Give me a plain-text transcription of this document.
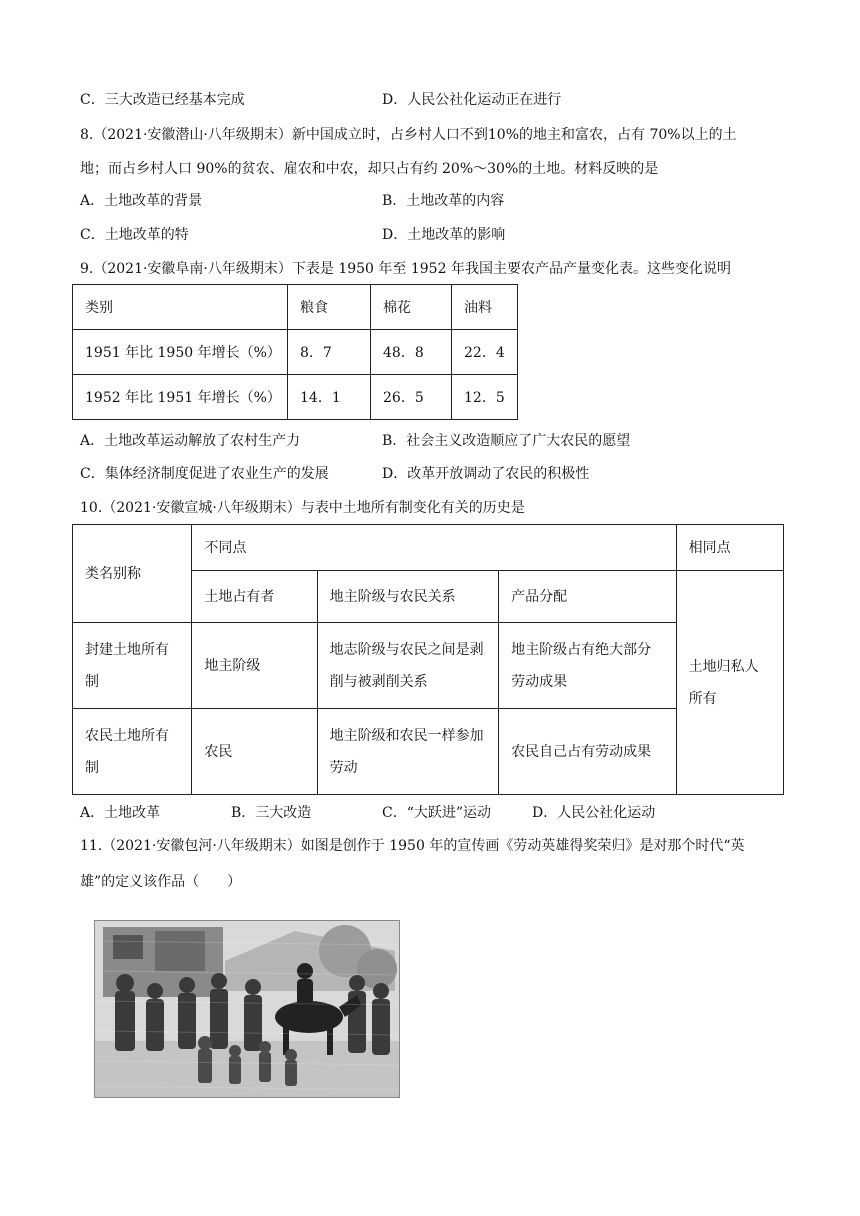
C．三大改造已经基本完成	D．人民公社化运动正在进行
8.（2021·安徽潜山·八年级期末）新中国成立时，占乡村人口不到10%的地主和富农，占有 70%以上的土
地；而占乡村人口 90%的贫农、雇农和中农，却只占有约 20%～30%的土地。材料反映的是
A．土地改革的背景	B．土地改革的内容
C．土地改革的特	D．土地改革的影响
9.（2021·安徽阜南·八年级期末）下表是 1950 年至 1952 年我国主要农产品产量变化表。这些变化说明
类别	粮食	棉花	油料
1951 年比 1950 年增长（%）	8．7	48．8	22．4
1952 年比 1951 年增长（%）	14．1	26．5	12．5
A．土地改革运动解放了农村生产力	B．社会主义改造顺应了广大农民的愿望
C．集体经济制度促进了农业生产的发展	D．改革开放调动了农民的积极性
10.（2021·安徽宣城·八年级期末）与表中土地所有制变化有关的历史是
类名别称	不同点			相同点
	土地占有者	地主阶级与农民关系	产品分配	土地归私人所有
封建土地所有制	地主阶级	地志阶级与农民之间是剥削与被剥削关系	地主阶级占有绝大部分劳动成果	
农民土地所有制	农民	地主阶级和农民一样参加劳动	农民自己占有劳动成果	
A．土地改革	B．三大改造	C．“大跃进”运动	D．人民公社化运动
11.（2021·安徽包河·八年级期末）如图是创作于 1950 年的宣传画《劳动英雄得奖荣归》是对那个时代“英
雄”的定义该作品（　　）
